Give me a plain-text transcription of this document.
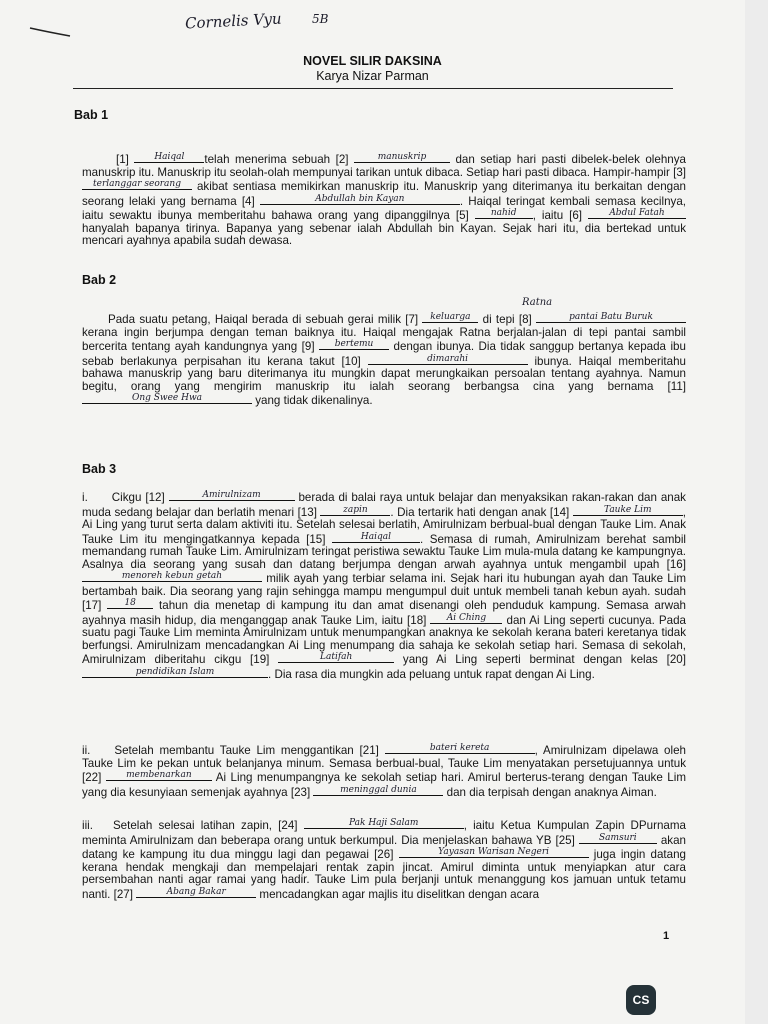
Cornelis Vyu 5B
NOVEL SILIR DAKSINA
Karya Nizar Parman
Bab 1
[1]	Haiqal telah menerima sebuah [2]	manuskrip	dan setiap hari pasti dibelek-belek olehnya manuskrip itu. Manuskrip itu seolah-olah mempunyai tarikan untuk dibaca. Setiap hari pasti dibaca. Hampir-hampir [3] terlanggar seorang akibat sentiasa memikirkan manuskrip itu. Manuskrip yang diterimanya itu berkaitan dengan seorang lelaki yang bernama [4]	Abdullah bin Kayan	. Haiqal teringat kembali semasa kecilnya, iaitu sewaktu ibunya memberitahu bahawa orang yang dipanggilnya [5] nahid , iaitu [6]	Abdul Fatah hanyalah bapanya tirinya. Bapanya yang sebenar ialah Abdullah bin Kayan. Sejak hari itu, dia bertekad untuk mencari ayahnya apabila sudah dewasa.
Bab 2
Ratna
Pada suatu petang, Haiqal berada di sebuah gerai milik [7] keluarga di tepi [8]	pantai Batu Burukkerana ingin berjumpa dengan teman baiknya itu. Haiqal mengajak Ratna berjalan-jalan di tepi pantai sambil bercerita tentang ayah kandungnya yang [9] bertemu dengan ibunya. Dia tidak sanggup bertanya kepada ibu sebab berlakunya perpisahan itu kerana takut [10]	dimarahi	ibunya. Haiqal memberitahu bahawa manuskrip yang baru diterimanya itu mungkin dapat merungkaikan persoalan tentang ayahnya. Namun begitu, orang yang mengirim manuskrip itu ialah seorang berbangsa cina yang bernama [11] Ong Swee Hwa	yang tidak dikenalinya.
Bab 3
i. Cikgu [12]	Amirulnizam	berada di balai raya untuk belajar dan menyaksikan rakan-rakan dan anak muda sedang belajar dan berlatih menari [13]	zapin . Dia tertarik hati dengan anak [14]	Tauke Lim	, Ai Ling yang turut serta dalam aktiviti itu. Setelah selesai berlatih, Amirulnizam berbual-bual dengan Tauke Lim. Anak Tauke Lim itu mengingatkannya kepada [15]	Haiqal . Semasa di rumah, Amirulnizam berehat sambil memandang rumah Tauke Lim. Amirulnizam teringat peristiwa sewaktu Tauke Lim mula-mula datang ke kampungnya. Asalnya dia seorang yang susah dan datang berjumpa dengan arwah ayahnya untuk mengambil upah [16] menoreh kebun getah	milik ayah yang terbiar selama ini. Sejak hari itu hubungan ayah dan Tauke Lim bertambah baik. Dia seorang yang rajin sehingga mampu mengumpul duit untuk membeli tanah kebun ayah. sudah [17]	18 tahun dia menetap di kampung itu dan amat disenangi oleh penduduk kampung. Semasa arwah ayahnya masih hidup, dia menganggap anak Tauke Lim, iaitu [18] Ai Ching dan Ai Ling seperti cucunya. Pada suatu pagi Tauke Lim meminta Amirulnizam untuk menumpangkan anaknya ke sekolah kerana bateri keretanya tidak berfungsi. Amirulnizam mencadangkan Ai Ling menumpang dia sahaja ke sekolah setiap hari. Semasa di sekolah, Amirulnizam diberitahu cikgu [19]	Latifah	yang Ai Ling seperti berminat dengan kelas [20] pendidikan Islam	. Dia rasa dia mungkin ada peluang untuk rapat dengan Ai Ling.
ii. Setelah membantu Tauke Lim menggantikan [21]	bateri kereta	, Amirulnizam dipelawa oleh Tauke Lim ke pekan untuk belanjanya minum. Semasa berbual-bual, Tauke Lim menyatakan persetujuannya untuk [22]	membenarkan Ai Ling menumpangnya ke sekolah setiap hari. Amirul berterus-terang dengan Tauke Lim yang dia kesunyiaan semenjak ayahnya [23]	meninggal dunia	dan dia terpisah dengan anaknya Aiman.
iii. Setelah selesai latihan zapin, [24]	Pak Haji Salam	, iaitu Ketua Kumpulan Zapin DPurnama meminta Amirulnizam dan beberapa orang untuk berkumpul. Dia menjelaskan bahawa YB [25]	Samsuri akan datang ke kampung itu dua minggu lagi dan pegawai [26]	Yayasan Warisan Negeri	juga ingin datang kerana hendak mengkaji dan mempelajari rentak zapin jincat. Amirul diminta untuk menyiapkan atur cara persembahan nanti agar ramai yang hadir. Tauke Lim pula berjanji untuk menanggung kos jamuan untuk tetamu nanti. [27]	Abang Bakar	mencadangkan agar majlis itu diselitkan dengan acara
1
CS
